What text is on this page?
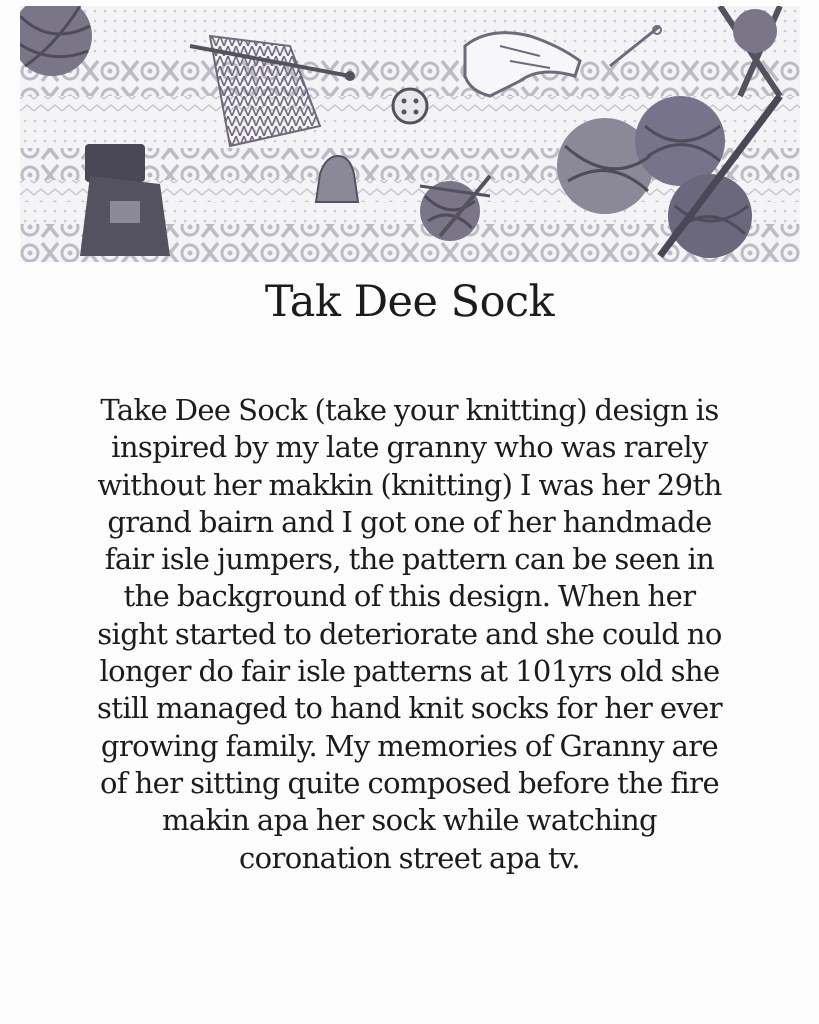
Tak Dee Sock
Take Dee Sock (take your knitting) design is
inspired by my late granny who was rarely
without her makkin (knitting) I was her 29th
grand bairn and I got one of her handmade
fair isle jumpers, the pattern can be seen in
the background of this design. When her
sight started to deteriorate and she could no
longer do fair isle patterns at 101yrs old she
still managed to hand knit socks for her ever
growing family. My memories of Granny are
of her sitting quite composed before the fire
makin apa her sock while watching
coronation street apa tv.
